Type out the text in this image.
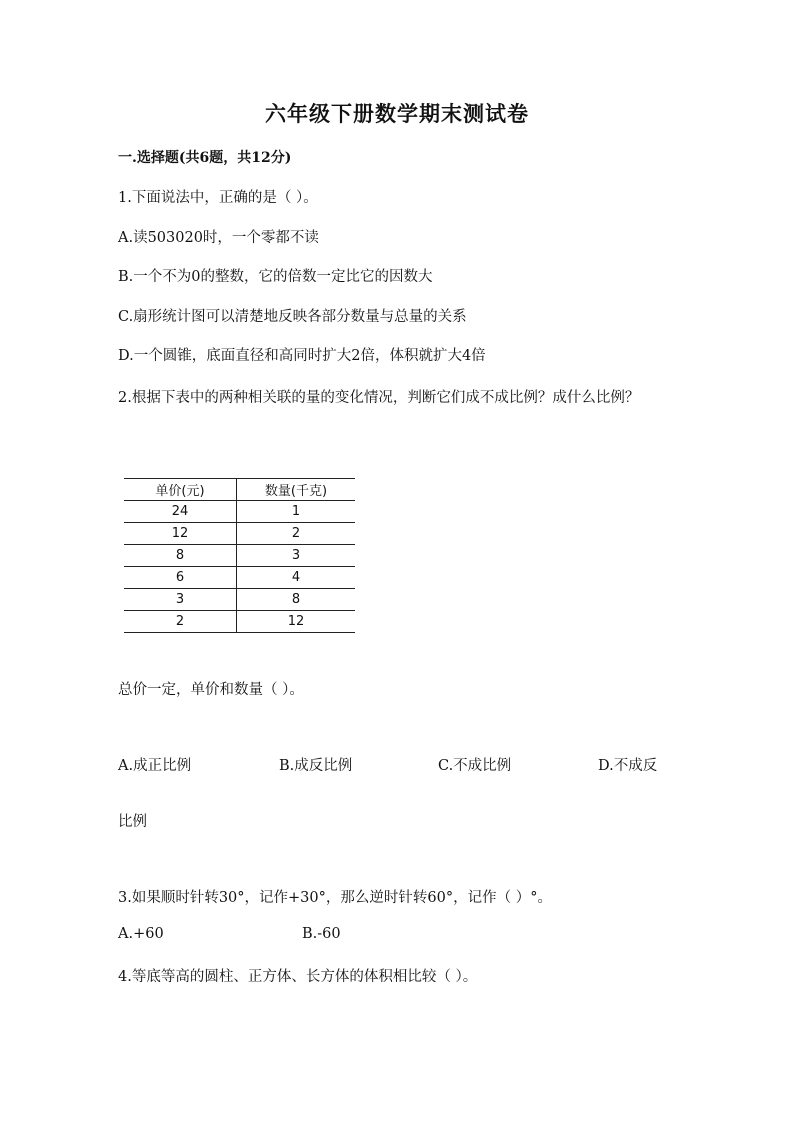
六年级下册数学期末测试卷
一.选择题(共6题，共12分)
1.下面说法中，正确的是（ ）。
A.读503020时，一个零都不读
B.一个不为0的整数，它的倍数一定比它的因数大
C.扇形统计图可以清楚地反映各部分数量与总量的关系
D.一个圆锥，底面直径和高同时扩大2倍，体积就扩大4倍
2.根据下表中的两种相关联的量的变化情况，判断它们成不成比例？成什么比例？
单价(元)	数量(千克)
24	1
12	2
8	3
6	4
3	8
2	12
总价一定，单价和数量（ ）。
A.成正比例	B.成反比例	C.不成比例	D.不成反
比例
3.如果顺时针转30°，记作+30°，那么逆时针转60°，记作（ ）°。
A.+60	B.-60
4.等底等高的圆柱、正方体、长方体的体积相比较（ ）。
